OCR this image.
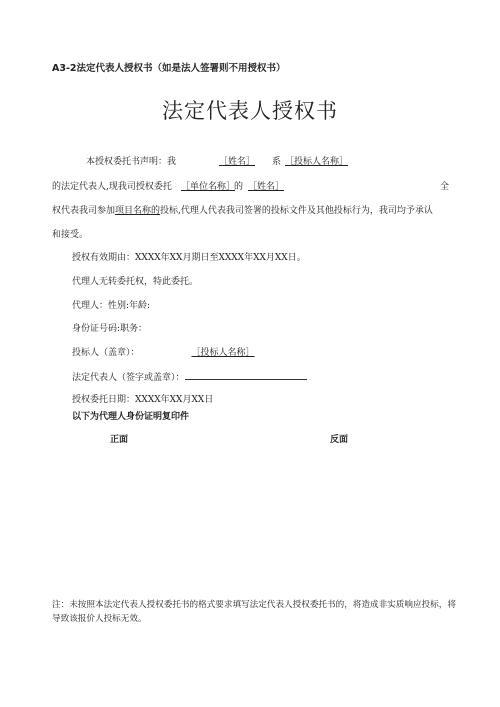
A3-2法定代表人授权书（如是法人签署则不用授权书）
法定代表人授权书
本授权委托书声明：我	［姓名］ 系 ［投标人名称］
的法定代表人,现我司授权委托 ［单位名称］
的 ［姓名］	全
权代表我司参加项目名称的投标,代理人代表我司签署的投标文件及其他投标行为，我司均予承认
和接受。
授权有效期由：XXXX年XX月期日至XXXX年XX月XX日。
代理人无转委托权，特此委托。
代理人：性别:年龄:
身份证号码:职务：
投标人（盖章）：	［投标人名称］
法定代表人（签字或盖章）：
授权委托日期：XXXX年XX月XX日
以下为代理人身份证明复印件
正面	反面
注：未按照本法定代表人授权委托书的格式要求填写法定代表人授权委托书的，将造成非实质响应投标，将导致该报价人投标无效。
